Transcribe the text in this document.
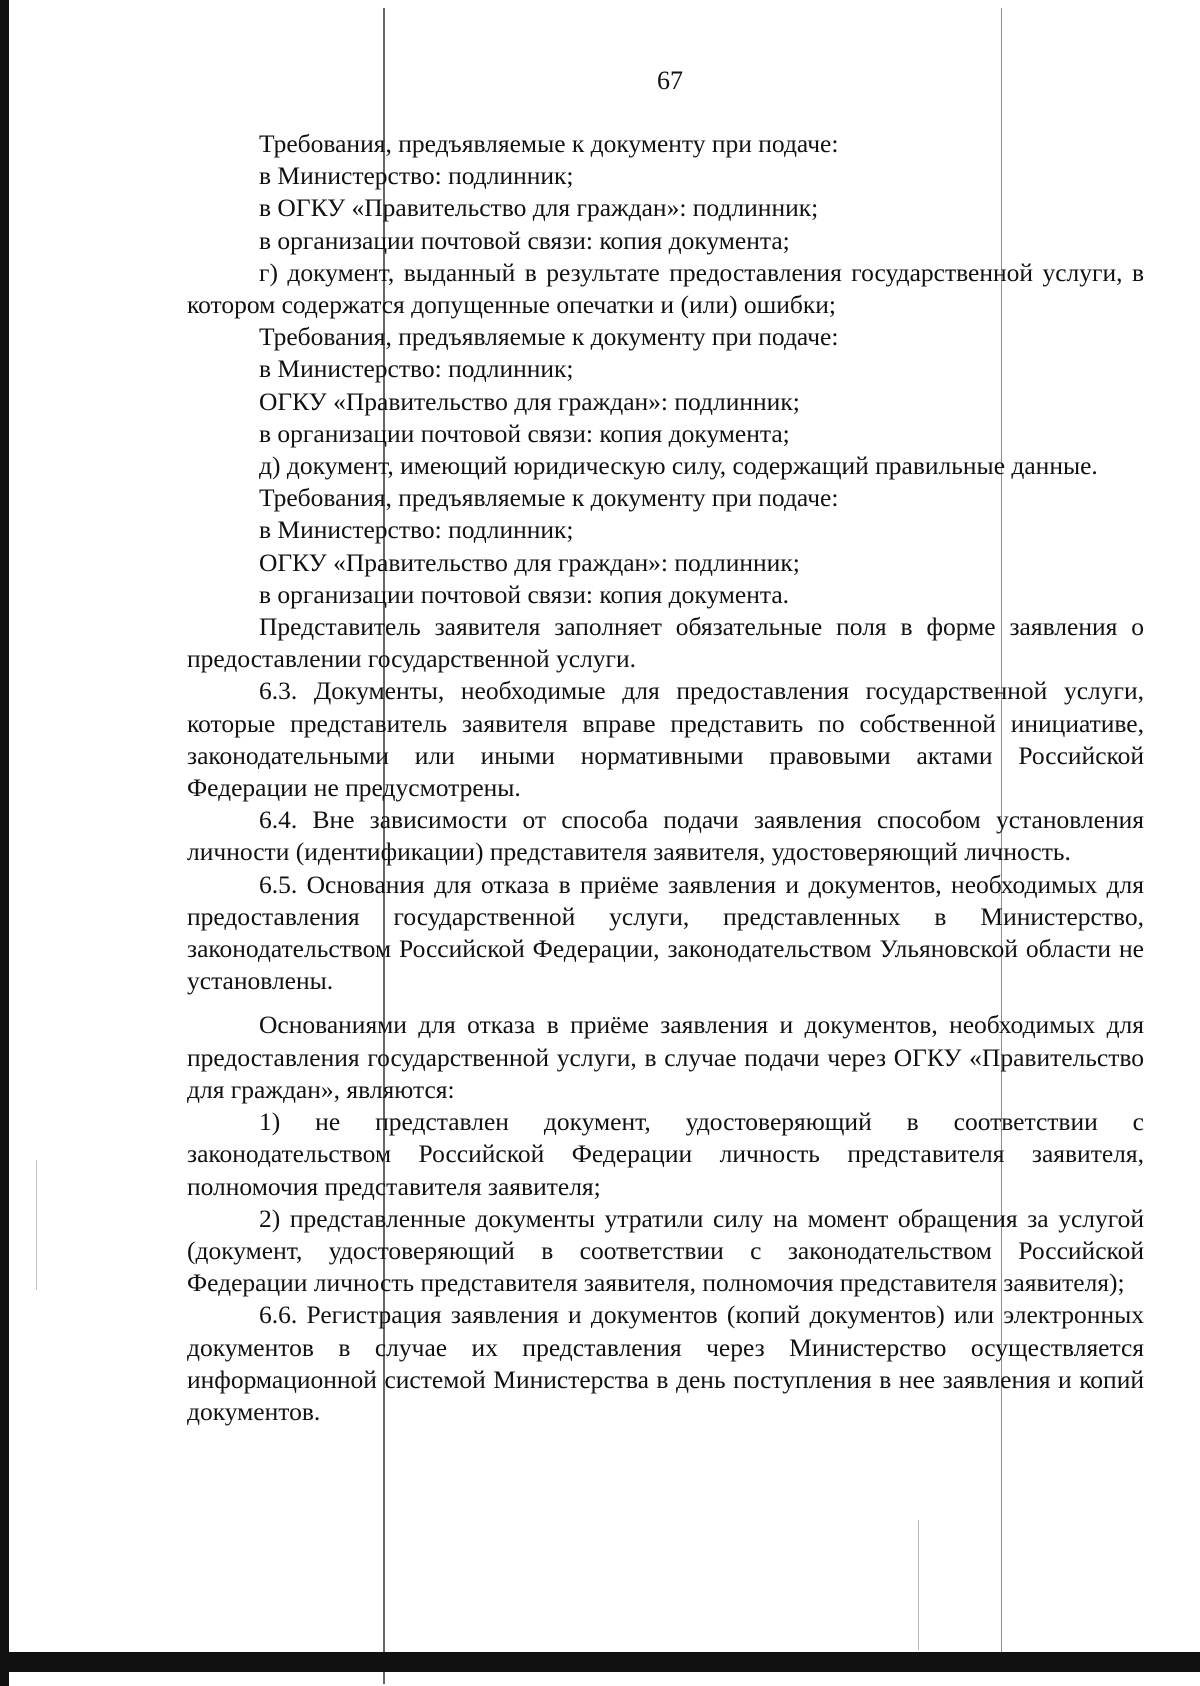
67

Требования, предъявляемые к документу при подаче:

в Министерство: подлинник;

в ОГКУ «Правительство для граждан»: подлинник;

в организации почтовой связи: копия документа;

г) документ, выданный в результате предоставления государственной услуги, в котором содержатся допущенные опечатки и (или) ошибки;

Требования, предъявляемые к документу при подаче:

в Министерство: подлинник;

ОГКУ «Правительство для граждан»: подлинник;

в организации почтовой связи: копия документа;

д) документ, имеющий юридическую силу, содержащий правильные данные.

Требования, предъявляемые к документу при подаче:

в Министерство: подлинник;

ОГКУ «Правительство для граждан»: подлинник;

в организации почтовой связи: копия документа.

Представитель заявителя заполняет обязательные поля в форме заявления о предоставлении государственной услуги.

6.3. Документы, необходимые для предоставления государственной услуги, которые представитель заявителя вправе представить по собственной инициативе, законодательными или иными нормативными правовыми актами Российской Федерации не предусмотрены.

6.4. Вне зависимости от способа подачи заявления способом установления личности (идентификации) представителя заявителя, удостоверяющий личность.

6.5. Основания для отказа в приёме заявления и документов, необходимых для предоставления государственной услуги, представленных в Министерство, законодательством Российской Федерации, законодательством Ульяновской области не установлены.

Основаниями для отказа в приёме заявления и документов, необходимых для предоставления государственной услуги, в случае подачи через ОГКУ «Правительство для граждан», являются:

1) не представлен документ, удостоверяющий в соответствии с законодательством Российской Федерации личность представителя заявителя, полномочия представителя заявителя;

2) представленные документы утратили силу на момент обращения за услугой (документ, удостоверяющий в соответствии с законодательством Российской Федерации личность представителя заявителя, полномочия представителя заявителя);

6.6. Регистрация заявления и документов (копий документов) или электронных документов в случае их представления через Министерство осуществляется информационной системой Министерства в день поступления в нее заявления и копий документов.
